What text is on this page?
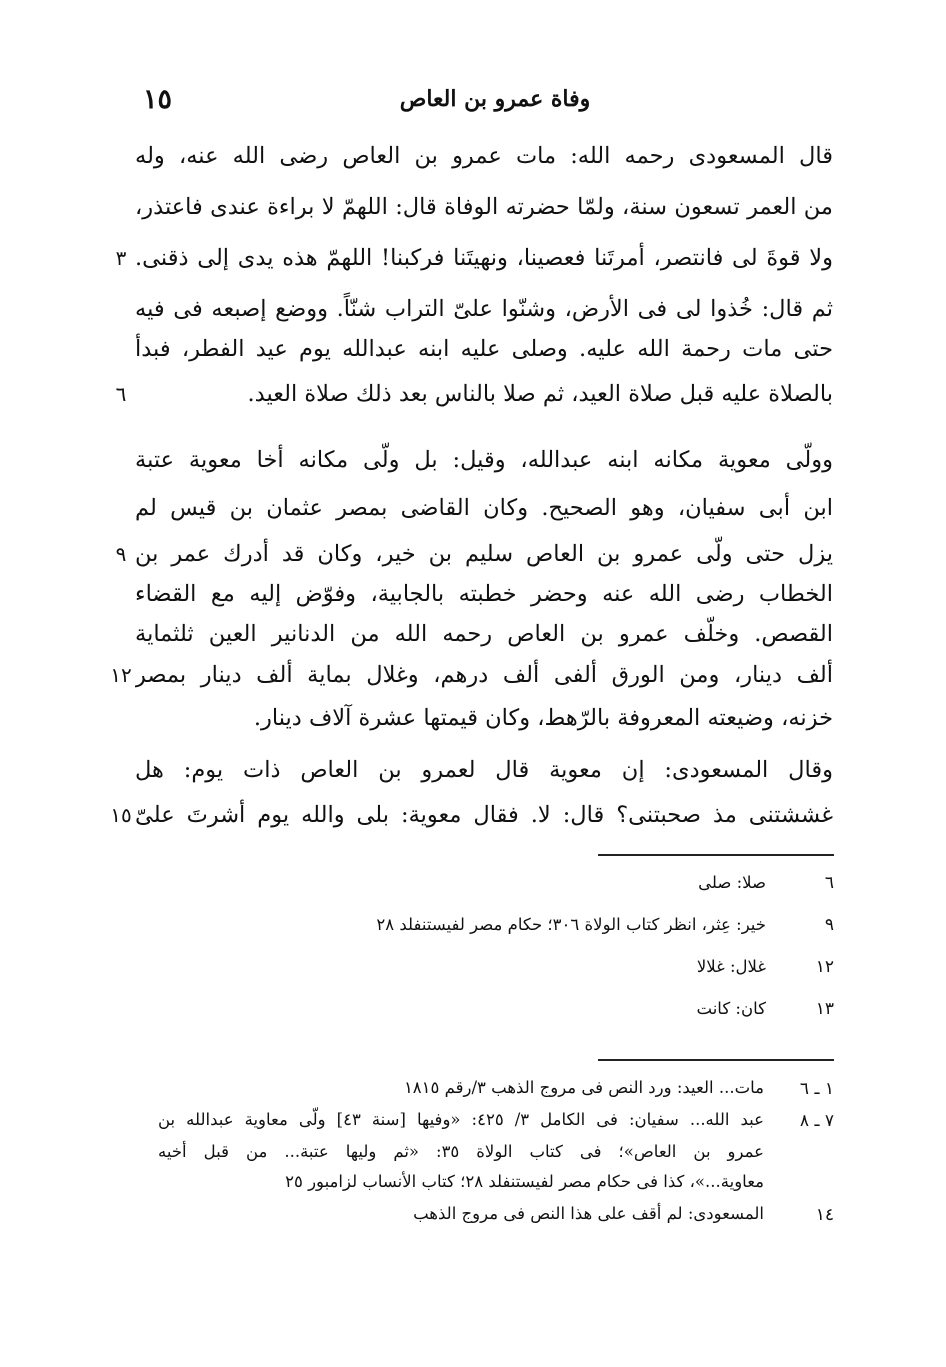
١٥	وفاة عمرو بن العاص
قال المسعودى رحمه الله: مات عمرو بن العاص رضى الله عنه، وله
من العمر تسعون سنة، ولمّا حضرته الوفاة قال: اللهمّ لا براءة عندى فاعتذر،
ولا قوةَ لى فانتصر، أمرتَنا فعصينا، ونهيتَنا فركبنا! اللهمّ هذه يدى إلى ذقنى.
ثم قال: خُذوا لى فى الأرض، وشنّوا علىّ التراب شنّاً. ووضع إصبعه فى فيه
حتى مات رحمة الله عليه. وصلى عليه ابنه عبدالله يوم عيد الفطر، فبدأ
بالصلاة عليه قبل صلاة العيد، ثم صلا بالناس بعد ذلك صلاة العيد.
وولّى معوية مكانه ابنه عبدالله، وقيل: بل ولّى مكانه أخا معوية عتبة
ابن أبى سفيان، وهو الصحيح. وكان القاضى بمصر عثمان بن قيس لم
يزل حتى ولّى عمرو بن العاص سليم بن خير، وكان قد أدرك عمر بن
الخطاب رضى الله عنه وحضر خطبته بالجابية، وفوّض إليه مع القضاء
القصص. وخلّف عمرو بن العاص رحمه الله من الدنانير العين ثلثماية
ألف دينار، ومن الورق ألفى ألف درهم، وغلال بماية ألف دينار بمصر
خزنه، وضيعته المعروفة بالرّهط، وكان قيمتها عشرة آلاف دينار.
وقال المسعودى: إن معوية قال لعمرو بن العاص ذات يوم: هل
غششتنى مذ صحبتنى؟ قال: لا. فقال معوية: بلى والله يوم أشرتَ علىّ
٣
٦
٩
١٢
١٥
٦
صلا: صلى
٩
خير: عِثر، انظر كتاب الولاة ٣٠٦؛ حكام مصر لفيستنفلد ٢٨
١٢
غلال: غلالا
١٣
كان: كانت
١ ـ ٦
مات... العيد: ورد النص فى مروج الذهب ٣/رقم ١٨١٥
٧ ـ ٨
عبد الله... سفيان: فى الكامل ٣/ ٤٢٥: «وفيها [سنة ٤٣] ولّى معاوية عبدالله بن
عمرو بن العاص»؛ فى كتاب الولاة ٣٥: «ثم وليها عتبة... من قبل أخيه
معاوية...»، كذا فى حكام مصر لفيستنفلد ٢٨؛ كتاب الأنساب لزامبور ٢٥
١٤
المسعودى: لم أقف على هذا النص فى مروج الذهب
